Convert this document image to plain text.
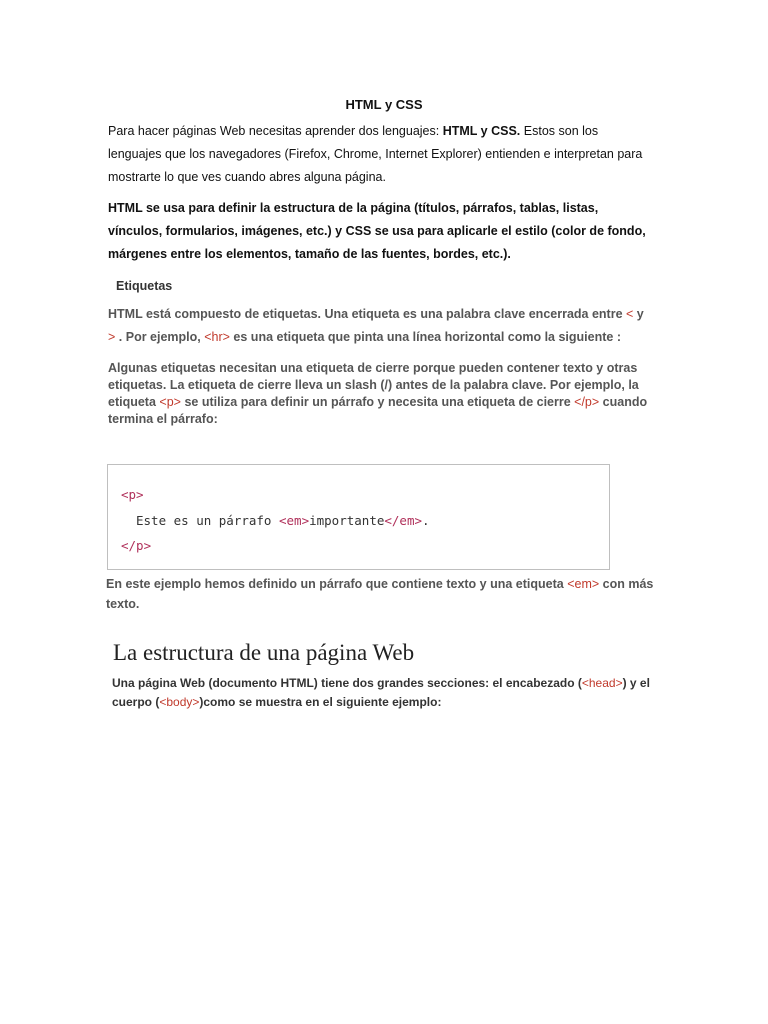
HTML y CSS
Para hacer páginas Web necesitas aprender dos lenguajes: HTML y CSS. Estos son los lenguajes que los navegadores (Firefox, Chrome, Internet Explorer) entienden e interpretan para mostrarte lo que ves cuando abres alguna página.
HTML se usa para definir la estructura de la página (títulos, párrafos, tablas, listas, vínculos, formularios, imágenes, etc.) y CSS se usa para aplicarle el estilo (color de fondo, márgenes entre los elementos, tamaño de las fuentes, bordes, etc.).
Etiquetas
HTML está compuesto de etiquetas. Una etiqueta es una palabra clave encerrada entre < y > . Por ejemplo, <hr> es una etiqueta que pinta una línea horizontal como la siguiente :
Algunas etiquetas necesitan una etiqueta de cierre porque pueden contener texto y otras etiquetas. La etiqueta de cierre lleva un slash (/) antes de la palabra clave. Por ejemplo, la etiqueta <p> se utiliza para definir un párrafo y necesita una etiqueta de cierre </p> cuando termina el párrafo:
<p>
Este es un párrafo <em>importante</em>.
</p>
En este ejemplo hemos definido un párrafo que contiene texto y una etiqueta <em> con más texto.
La estructura de una página Web
Una página Web (documento HTML) tiene dos grandes secciones: el encabezado (<head>) y el cuerpo (<body>)como se muestra en el siguiente ejemplo:
